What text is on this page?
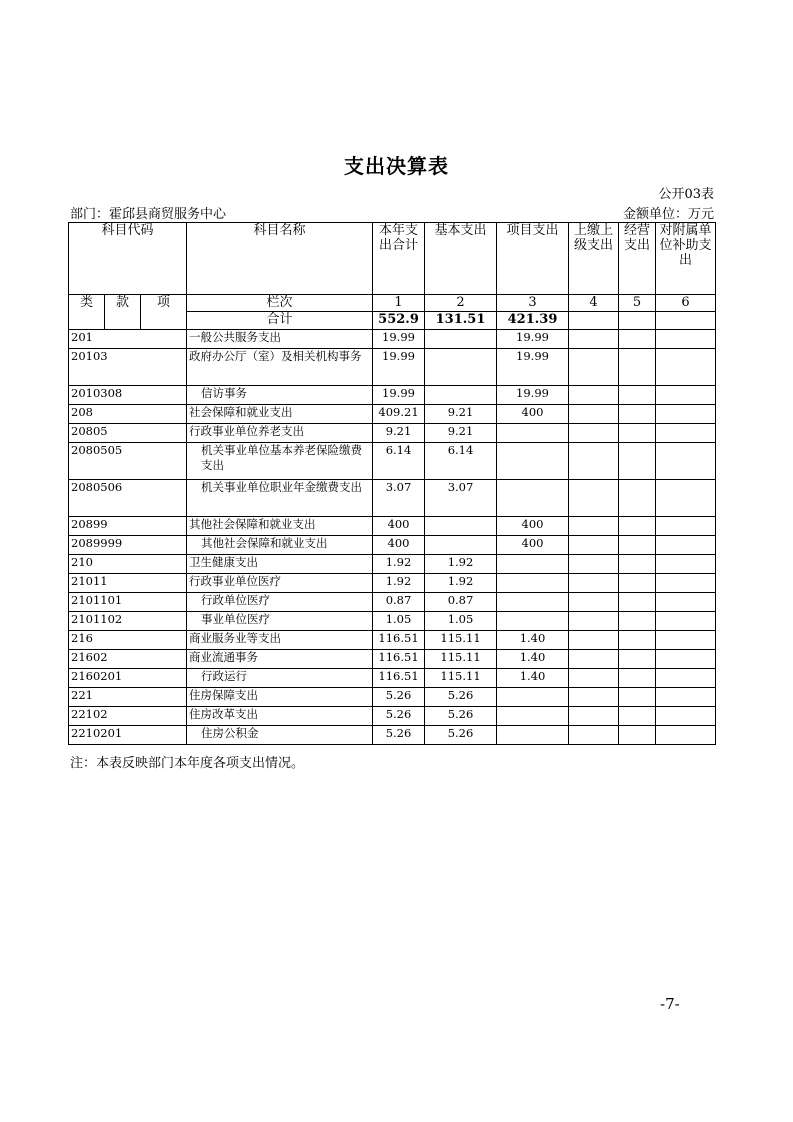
支出决算表
公开03表
部门：霍邱县商贸服务中心	金额单位：万元
科目代码			科目名称	本年支出合计	基本支出	项目支出	上缴上级支出	经营支出	对附属单位补助支出
类	款	项	栏次	1	2	3	4	5	6
			合计	552.9	131.51	421.39			
201			一般公共服务支出	19.99		19.99			
20103			政府办公厅（室）及相关机构事务	19.99		19.99			
2010308			信访事务	19.99		19.99			
208			社会保障和就业支出	409.21	9.21	400			
20805			行政事业单位养老支出	9.21	9.21				
2080505			机关事业单位基本养老保险缴费支出	6.14	6.14				
2080506			机关事业单位职业年金缴费支出	3.07	3.07				
20899			其他社会保障和就业支出	400		400			
2089999			其他社会保障和就业支出	400		400			
210			卫生健康支出	1.92	1.92				
21011			行政事业单位医疗	1.92	1.92				
2101101			行政单位医疗	0.87	0.87				
2101102			事业单位医疗	1.05	1.05				
216			商业服务业等支出	116.51	115.11	1.40			
21602			商业流通事务	116.51	115.11	1.40			
2160201			行政运行	116.51	115.11	1.40			
221			住房保障支出	5.26	5.26				
22102			住房改革支出	5.26	5.26				
2210201			住房公积金	5.26	5.26				
注：本表反映部门本年度各项支出情况。
-7-
